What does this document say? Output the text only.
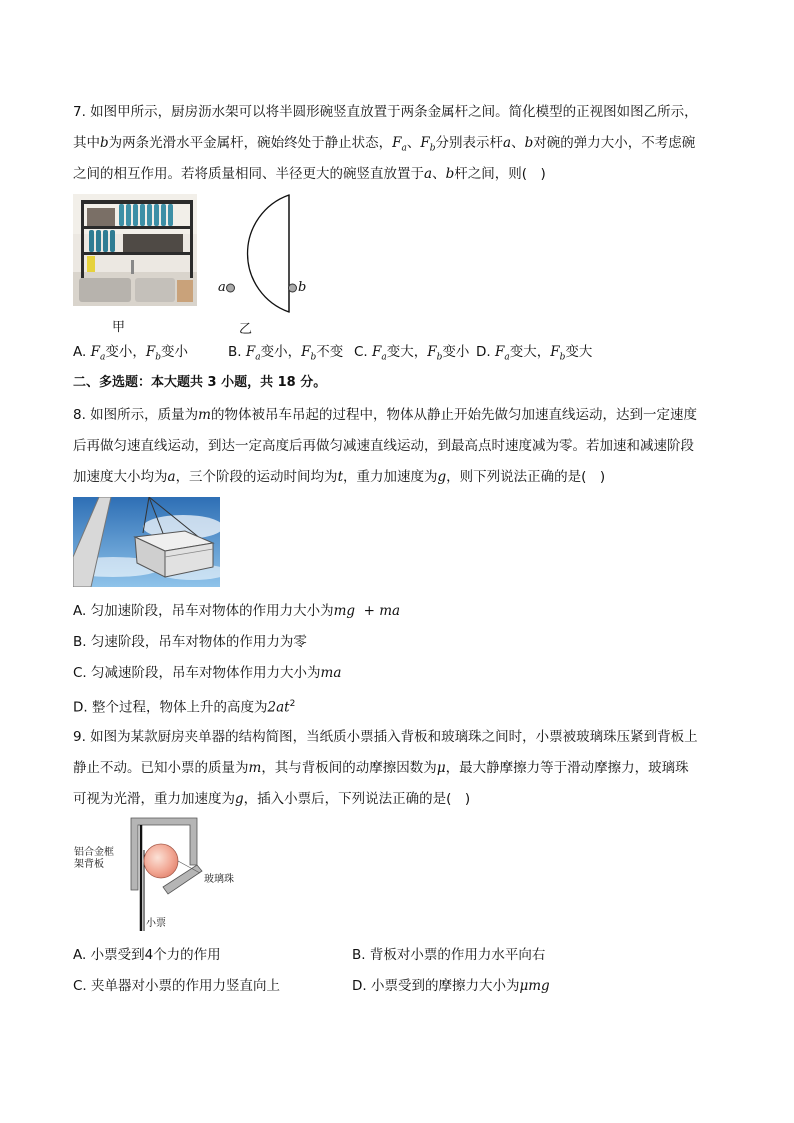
7. 如图甲所示，厨房沥水架可以将半圆形碗竖直放置于两条金属杆之间。简化模型的正视图如图乙所示，
其中b为两条光滑水平金属杆，碗始终处于静止状态，$F_a$、$F_b$分别表示杆a、b对碗的弹力大小，不考虑碗
之间的相互作用。若将质量相同、半径更大的碗竖直放置于a、b杆之间，则(　)
a	b
甲	乙
A. $F_a$变小，$F_b$变小	B. $F_a$变小，$F_b$不变 C. $F_a$变大，$F_b$变小 D. $F_a$变大，$F_b$变大
二、多选题：本大题共 3 小题，共 18 分。
8. 如图所示，质量为m的物体被吊车吊起的过程中，物体从静止开始先做匀加速直线运动，达到一定速度
后再做匀速直线运动，到达一定高度后再做匀减速直线运动，到最高点时速度减为零。若加速和减速阶段
加速度大小均为a，三个阶段的运动时间均为t，重力加速度为g，则下列说法正确的是(　)
A. 匀加速阶段，吊车对物体的作用力大小为mg  + ma
B. 匀速阶段，吊车对物体的作用力为零
C. 匀减速阶段，吊车对物体作用力大小为ma
D. 整个过程，物体上升的高度为$2at^2$
9. 如图为某款厨房夹单器的结构简图，当纸质小票插入背板和玻璃珠之间时，小票被玻璃珠压紧到背板上
静止不动。已知小票的质量为m，其与背板间的动摩擦因数为μ，最大静摩擦力等于滑动摩擦力，玻璃珠
可视为光滑，重力加速度为g，插入小票后，下列说法正确的是(　)
铝合金框
架背板
玻璃珠
小票
A. 小票受到4个力的作用	B. 背板对小票的作用力水平向右
C. 夹单器对小票的作用力竖直向上	D. 小票受到的摩擦力大小为μmg
